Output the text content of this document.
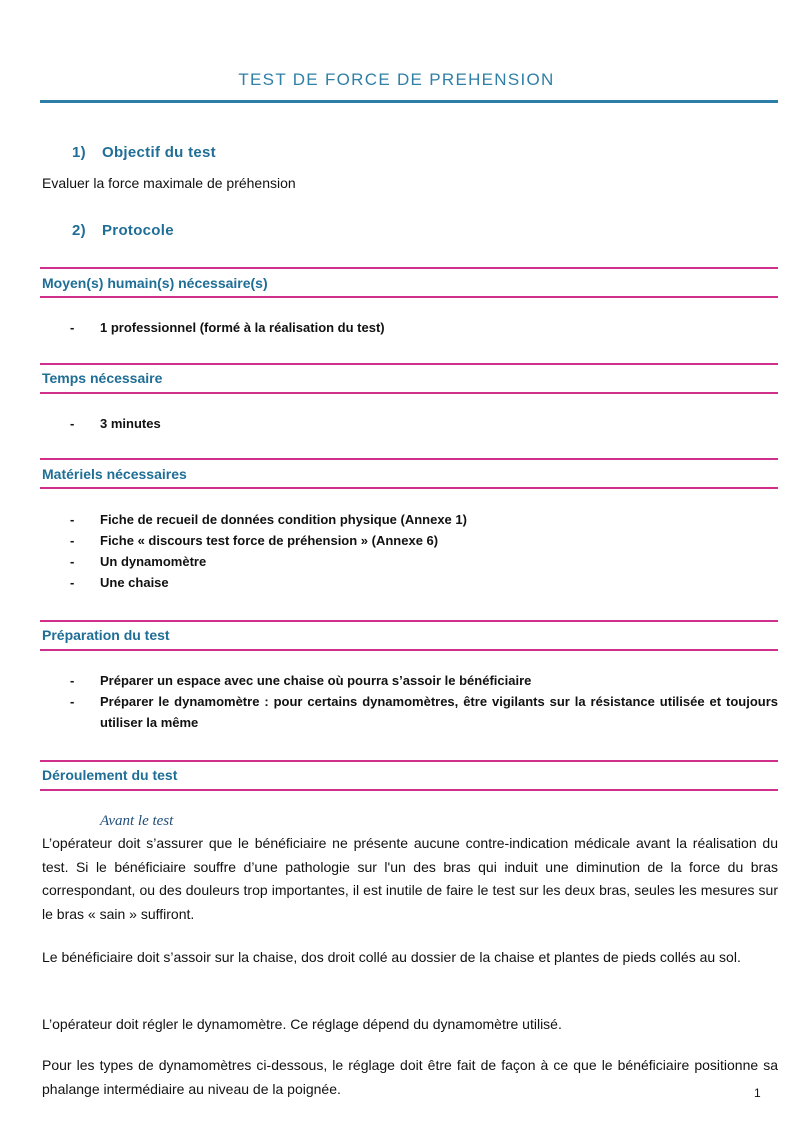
TEST DE FORCE DE PREHENSION
1) Objectif du test
Evaluer la force maximale de préhension
2) Protocole
Moyen(s) humain(s) nécessaire(s)
-	1 professionnel (formé à la réalisation du test)
Temps nécessaire
-	3 minutes
Matériels nécessaires
-	Fiche de recueil de données condition physique (Annexe 1)
-	Fiche « discours test force de préhension » (Annexe 6)
-	Un dynamomètre
-	Une chaise
Préparation du test
-	Préparer un espace avec une chaise où pourra s’assoir le bénéficiaire
-	Préparer le dynamomètre : pour certains dynamomètres, être vigilants sur la résistance utilisée et toujours utiliser la même
Déroulement du test
Avant le test

L’opérateur doit s’assurer que le bénéficiaire ne présente aucune contre-indication médicale avant la réalisation du test. Si le bénéficiaire souffre d’une pathologie sur l'un des bras qui induit une diminution de la force du bras correspondant, ou des douleurs trop importantes, il est inutile de faire le test sur les deux bras, seules les mesures sur le bras « sain » suffiront.

Le bénéficiaire doit s’assoir sur la chaise, dos droit collé au dossier de la chaise et plantes de pieds collés au sol.

L’opérateur doit régler le dynamomètre. Ce réglage dépend du dynamomètre utilisé.

Pour les types de dynamomètres ci-dessous, le réglage doit être fait de façon à ce que le bénéficiaire positionne sa phalange intermédiaire au niveau de la poignée.	1
